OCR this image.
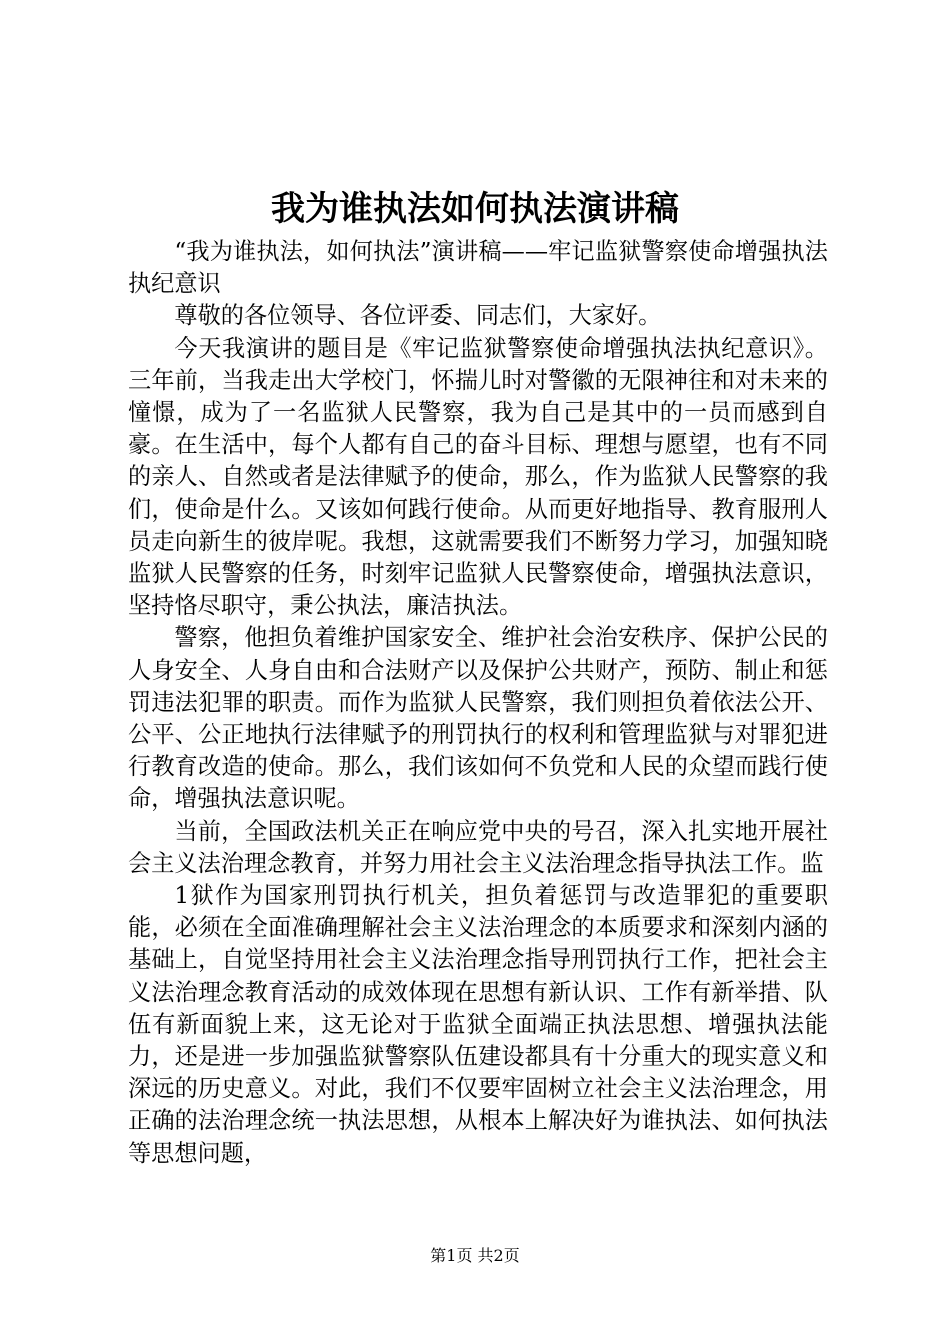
我为谁执法如何执法演讲稿

“我为谁执法，如何执法”演讲稿——牢记监狱警察使命增强执法执纪意识

尊敬的各位领导、各位评委、同志们，大家好。

今天我演讲的题目是《牢记监狱警察使命增强执法执纪意识》。三年前，当我走出大学校门，怀揣儿时对警徽的无限神往和对未来的憧憬，成为了一名监狱人民警察，我为自己是其中的一员而感到自豪。在生活中，每个人都有自己的奋斗目标、理想与愿望，也有不同的亲人、自然或者是法律赋予的使命，那么，作为监狱人民警察的我们，使命是什么。又该如何践行使命。从而更好地指导、教育服刑人员走向新生的彼岸呢。我想，这就需要我们不断努力学习，加强知晓监狱人民警察的任务，时刻牢记监狱人民警察使命，增强执法意识，坚持恪尽职守，秉公执法，廉洁执法。

警察，他担负着维护国家安全、维护社会治安秩序、保护公民的人身安全、人身自由和合法财产以及保护公共财产，预防、制止和惩罚违法犯罪的职责。而作为监狱人民警察，我们则担负着依法公开、公平、公正地执行法律赋予的刑罚执行的权利和管理监狱与对罪犯进行教育改造的使命。那么，我们该如何不负党和人民的众望而践行使命，增强执法意识呢。

当前，全国政法机关正在响应党中央的号召，深入扎实地开展社会主义法治理念教育，并努力用社会主义法治理念指导执法工作。监

1狱作为国家刑罚执行机关，担负着惩罚与改造罪犯的重要职能，必须在全面准确理解社会主义法治理念的本质要求和深刻内涵的基础上，自觉坚持用社会主义法治理念指导刑罚执行工作，把社会主义法治理念教育活动的成效体现在思想有新认识、工作有新举措、队伍有新面貌上来，这无论对于监狱全面端正执法思想、增强执法能力，还是进一步加强监狱警察队伍建设都具有十分重大的现实意义和深远的历史意义。对此，我们不仅要牢固树立社会主义法治理念，用正确的法治理念统一执法思想，从根本上解决好为谁执法、如何执法等思想问题，

第1页 共2页
